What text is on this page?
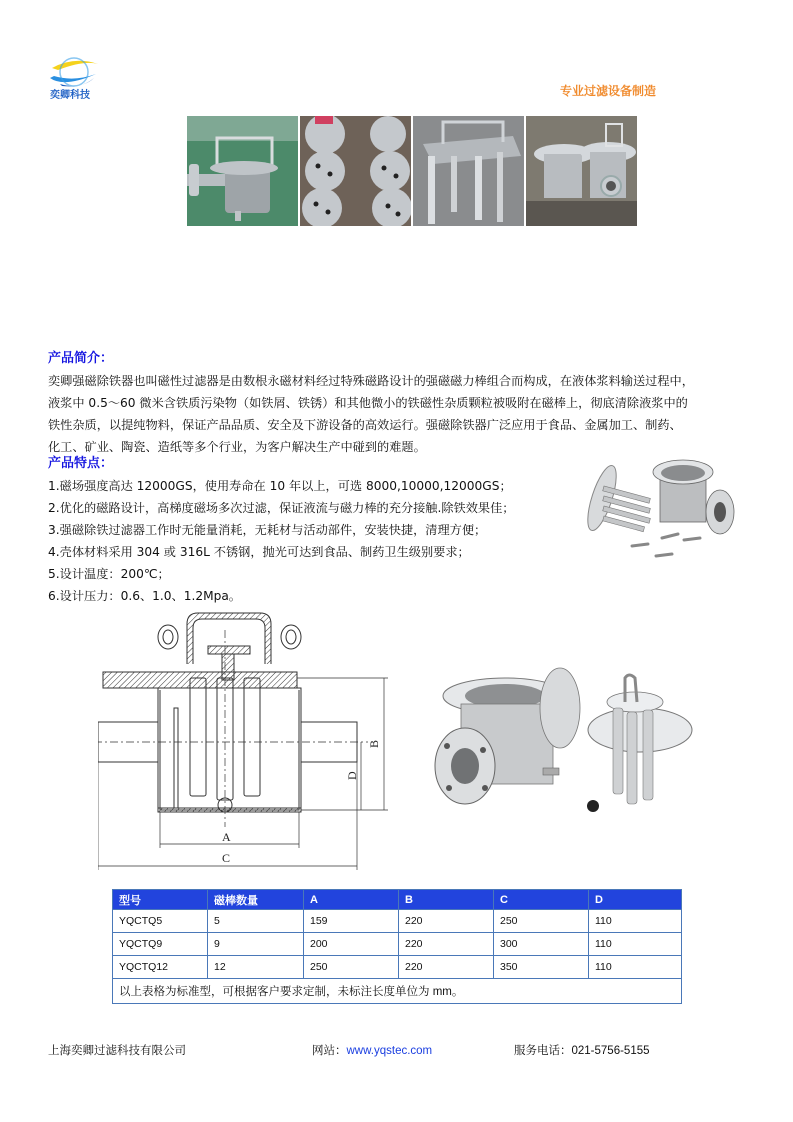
奕卿科技	专业过滤设备制造
产品简介：

奕卿强磁除铁器也叫磁性过滤器是由数根永磁材料经过特殊磁路设计的强磁磁力棒组合而构成，在液体浆料输送过程中，

液浆中 0.5～60 微米含铁质污染物（如铁屑、铁锈）和其他微小的铁磁性杂质颗粒被吸附在磁棒上，彻底清除液浆中的

铁性杂质，以提纯物料，保证产品品质、安全及下游设备的高效运行。强磁除铁器广泛应用于食品、金属加工、制药、

化工、矿业、陶瓷、造纸等多个行业，为客户解决生产中碰到的难题。

产品特点：

1.磁场强度高达 12000GS，使用寿命在 10 年以上，可选 8000,10000,12000GS；

2.优化的磁路设计，高梯度磁场多次过滤，保证液流与磁力棒的充分接触.除铁效果佳；

3.强磁除铁过滤器工作时无能量消耗，无耗材与活动部件，安装快捷，清理方便；

4.壳体材料采用 304 或 316L 不锈钢，抛光可达到食品、制药卫生级别要求；

5.设计温度：200℃；

6.设计压力：0.6、1.0、1.2Mpa。

A
C
B
D
型号	磁棒数量	A	B	C	D
YQCTQ5	5	159	220	250	110
YQCTQ9	9	200	220	300	110
YQCTQ12	12	250	220	350	110
以上表格为标准型，可根据客户要求定制，未标注长度单位为 mm。					
上海奕卿过滤科技有限公司	网站：www.yqstec.com	服务电话：021-5756-5155
